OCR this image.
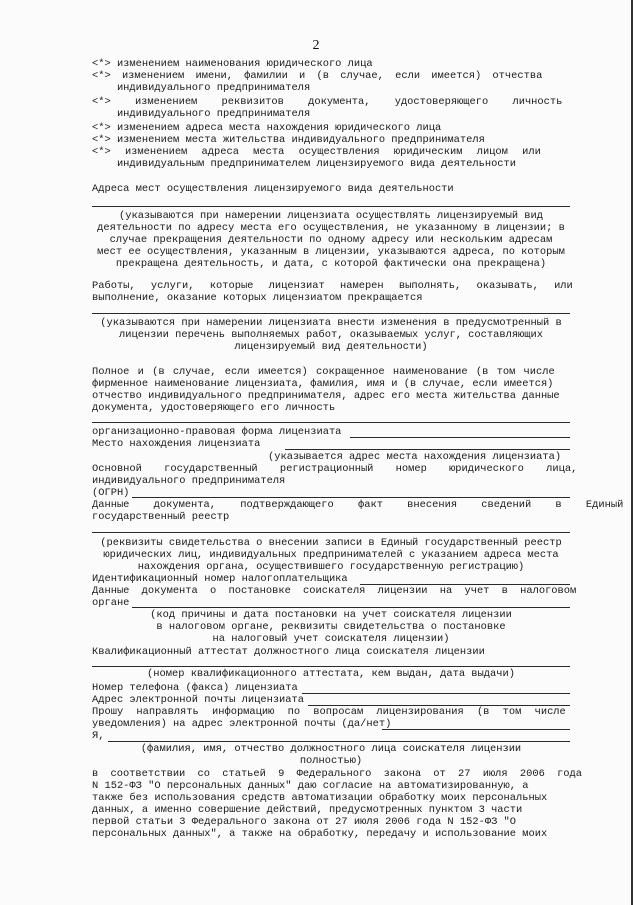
2
<*> изменением наименования юридического лица
<*> изменением имени, фамилии и (в случае, если имеется) отчества
индивидуального предпринимателя
<*> изменением реквизитов документа, удостоверяющего личность
индивидуального предпринимателя
<*> изменением адреса места нахождения юридического лица
<*> изменением места жительства индивидуального предпринимателя
<*> изменением адреса места осуществления юридическим лицом или
индивидуальным предпринимателем лицензируемого вида деятельности
Адреса мест осуществления лицензируемого вида деятельности
(указываются при намерении лицензиата осуществлять лицензируемый вид
деятельности по адресу места его осуществления, не указанному в лицензии; в
случае прекращения деятельности по одному адресу или нескольким адресам
мест ее осуществления, указанным в лицензии, указываются адреса, по которым
прекращена деятельность, и дата, с которой фактически она прекращена)
Работы, услуги, которые лицензиат намерен выполнять, оказывать, или
выполнение, оказание которых лицензиатом прекращается
(указываются при намерении лицензиата внести изменения в предусмотренный в
лицензии перечень выполняемых работ, оказываемых услуг, составляющих
лицензируемый вид деятельности)
Полное и (в случае, если имеется) сокращенное наименование (в том числе
фирменное наименование лицензиата, фамилия, имя и (в случае, если имеется)
отчество индивидуального предпринимателя, адрес его места жительства данные
документа, удостоверяющего его личность
организационно-правовая форма лицензиата
Место нахождения лицензиата
(указывается адрес места нахождения лицензиата)
Основной государственный регистрационный номер юридического лица,
индивидуального предпринимателя
(ОГРН)
Данные документа, подтверждающего факт внесения сведений в Единый
государственный реестр
(реквизиты свидетельства о внесении записи в Единый государственный реестр
юридических лиц, индивидуальных предпринимателей с указанием адреса места
нахождения органа, осуществившего государственную регистрацию)
Идентификационный номер налогоплательщика
Данные документа о постановке соискателя лицензии на учет в налоговом
органе
(код причины и дата постановки на учет соискателя лицензии
в налоговом органе, реквизиты свидетельства о постановке
на налоговый учет соискателя лицензии)
Квалификационный аттестат должностного лица соискателя лицензии
(номер квалификационного аттестата, кем выдан, дата выдачи)
Номер телефона (факса) лицензиата
Адрес электронной почты лицензиата
Прошу направлять информацию по вопросам лицензирования (в том числе
уведомления) на адрес электронной почты (да/нет)
Я,
(фамилия, имя, отчество должностного лица соискателя лицензии
полностью)
в соответствии со статьей 9 Федерального закона от 27 июля 2006 года
N 152-ФЗ "О персональных данных" даю согласие на автоматизированную, а
также без использования средств автоматизации обработку моих персональных
данных, а именно совершение действий, предусмотренных пунктом 3 части
первой статьи 3 Федерального закона от 27 июля 2006 года N 152-ФЗ "О
персональных данных", а также на обработку, передачу и использование моих
